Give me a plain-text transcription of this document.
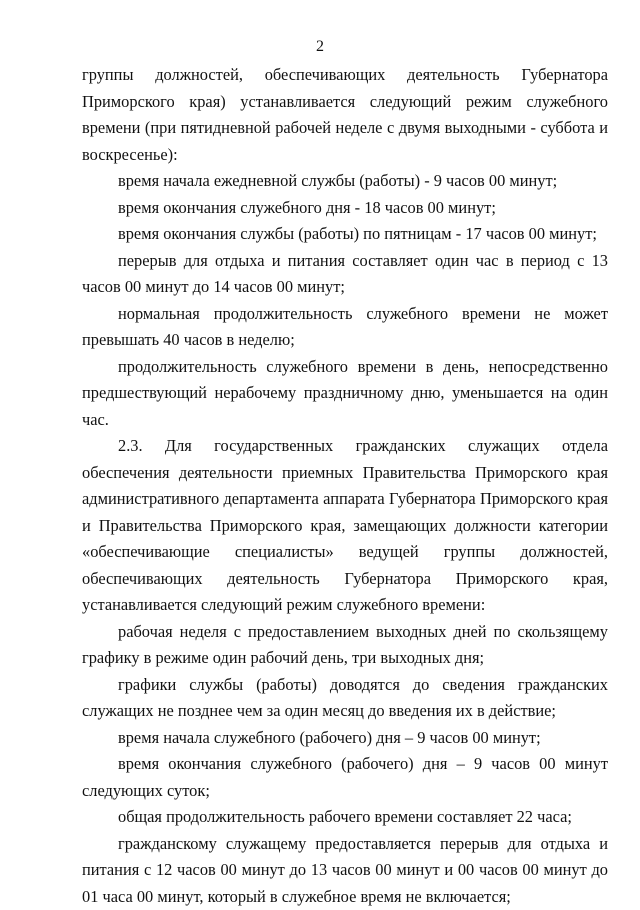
2

группы должностей, обеспечивающих деятельность Губернатора Приморского края) устанавливается следующий режим служебного времени (при пятидневной рабочей неделе с двумя выходными - суббота и воскресенье):

время начала ежедневной службы (работы) - 9 часов 00 минут;

время окончания служебного дня - 18 часов 00 минут;

время окончания службы (работы) по пятницам - 17 часов 00 минут;

перерыв для отдыха и питания составляет один час в период с 13 часов 00 минут до 14 часов 00 минут;

нормальная продолжительность служебного времени не может превышать 40 часов в неделю;

продолжительность служебного времени в день, непосредственно предшествующий нерабочему праздничному дню, уменьшается на один час.

2.3. Для государственных гражданских служащих отдела обеспечения деятельности приемных Правительства Приморского края административного департамента аппарата Губернатора Приморского края и Правительства Приморского края, замещающих должности категории «обеспечивающие специалисты» ведущей группы должностей, обеспечивающих деятельность Губернатора Приморского края, устанавливается следующий режим служебного времени:

рабочая неделя с предоставлением выходных дней по скользящему графику в режиме один рабочий день, три выходных дня;

графики службы (работы) доводятся до сведения гражданских служащих не позднее чем за один месяц до введения их в действие;

время начала служебного (рабочего) дня – 9 часов 00 минут;

время окончания служебного (рабочего) дня – 9 часов 00 минут следующих суток;

общая продолжительность рабочего времени составляет 22 часа;

гражданскому служащему предоставляется перерыв для отдыха и питания с 12 часов 00 минут до 13 часов 00 минут и 00 часов 00 минут до 01 часа 00 минут, который в служебное время не включается;
